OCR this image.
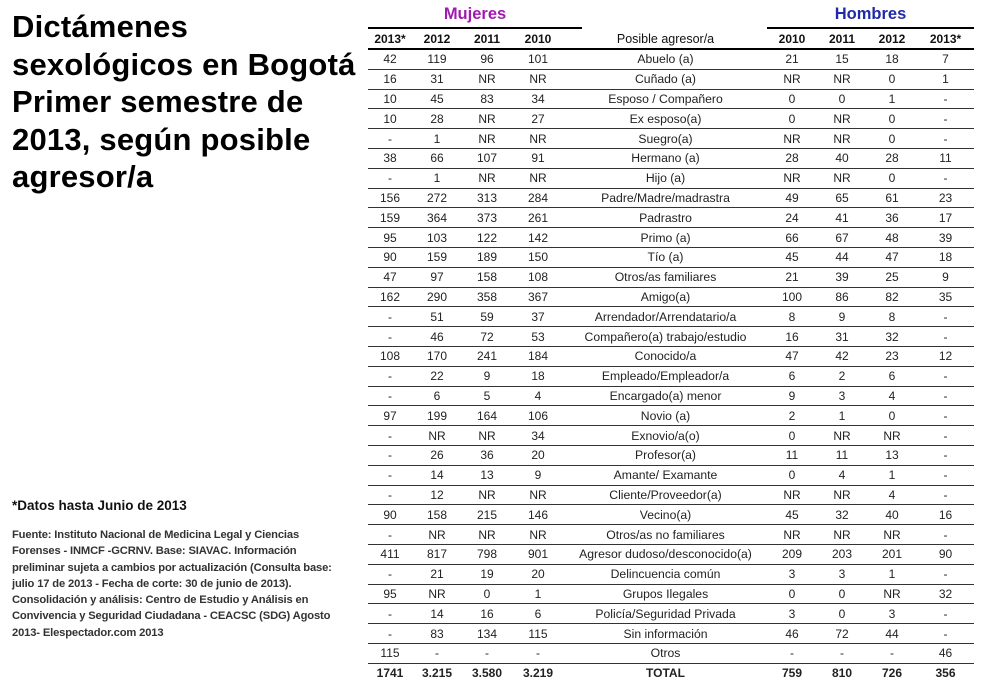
Dictámenes sexológicos en Bogotá Primer semestre de 2013, según posible agresor/a
*Datos hasta Junio de 2013
Fuente: Instituto Nacional de Medicina Legal y Ciencias Forenses - INMCF -GCRNV. Base: SIAVAC. Información preliminar sujeta a cambios por actualización (Consulta base: julio 17 de 2013 - Fecha de corte: 30 de junio de 2013). Consolidación y análisis: Centro de Estudio y Análisis en Convivencia y Seguridad Ciudadana - CEACSC (SDG) Agosto 2013- Elespectador.com 2013
Mujeres	Hombres
2013*	2012	2011	2010	Posible agresor/a	2010	2011	2012	2013*
42	119	96	101	Abuelo (a)	21	15	18	7
16	31	NR	NR	Cuñado (a)	NR	NR	0	1
10	45	83	34	Esposo / Compañero	0	0	1	-
10	28	NR	27	Ex esposo(a)	0	NR	0	-
-	1	NR	NR	Suegro(a)	NR	NR	0	-
38	66	107	91	Hermano (a)	28	40	28	11
-	1	NR	NR	Hijo (a)	NR	NR	0	-
156	272	313	284	Padre/Madre/madrastra	49	65	61	23
159	364	373	261	Padrastro	24	41	36	17
95	103	122	142	Primo (a)	66	67	48	39
90	159	189	150	Tío (a)	45	44	47	18
47	97	158	108	Otros/as familiares	21	39	25	9
162	290	358	367	Amigo(a)	100	86	82	35
-	51	59	37	Arrendador/Arrendatario/a	8	9	8	-
-	46	72	53	Compañero(a) trabajo/estudio	16	31	32	-
108	170	241	184	Conocido/a	47	42	23	12
-	22	9	18	Empleado/Empleador/a	6	2	6	-
-	6	5	4	Encargado(a) menor	9	3	4	-
97	199	164	106	Novio (a)	2	1	0	-
-	NR	NR	34	Exnovio/a(o)	0	NR	NR	-
-	26	36	20	Profesor(a)	11	11	13	-
-	14	13	9	Amante/ Examante	0	4	1	-
-	12	NR	NR	Cliente/Proveedor(a)	NR	NR	4	-
90	158	215	146	Vecino(a)	45	32	40	16
-	NR	NR	NR	Otros/as no familiares	NR	NR	NR	-
411	817	798	901	Agresor dudoso/desconocido(a)	209	203	201	90
-	21	19	20	Delincuencia común	3	3	1	-
95	NR	0	1	Grupos Ilegales	0	0	NR	32
-	14	16	6	Policía/Seguridad Privada	3	0	3	-
-	83	134	115	Sin información	46	72	44	-
115	-	-	-	Otros	-	-	-	46
1741	3.215	3.580	3.219	TOTAL	759	810	726	356
